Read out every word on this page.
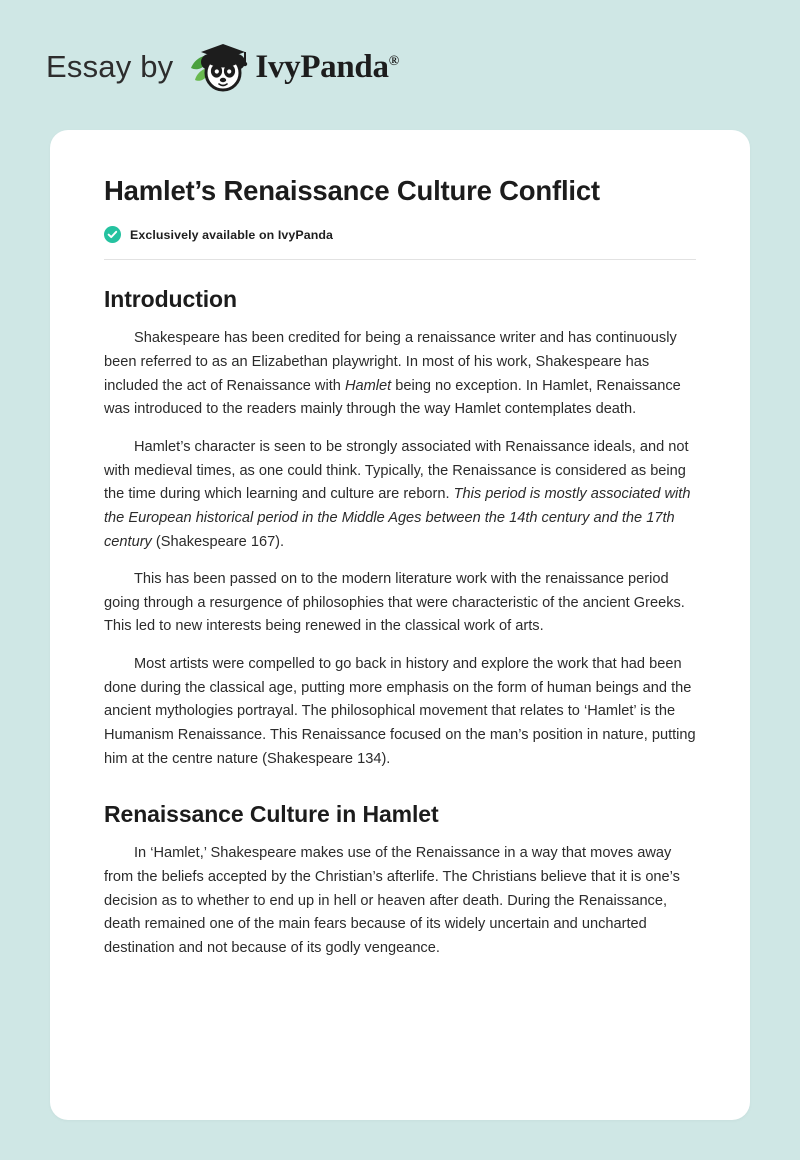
Essay by IvyPanda®
Hamlet’s Renaissance Culture Conflict
Exclusively available on IvyPanda
Introduction

Shakespeare has been credited for being a renaissance writer and has continuously been referred to as an Elizabethan playwright. In most of his work, Shakespeare has included the act of Renaissance with Hamlet being no exception. In Hamlet, Renaissance was introduced to the readers mainly through the way Hamlet contemplates death.

Hamlet’s character is seen to be strongly associated with Renaissance ideals, and not with medieval times, as one could think. Typically, the Renaissance is considered as being the time during which learning and culture are reborn. This period is mostly associated with the European historical period in the Middle Ages between the 14th century and the 17th century (Shakespeare 167).

This has been passed on to the modern literature work with the renaissance period going through a resurgence of philosophies that were characteristic of the ancient Greeks. This led to new interests being renewed in the classical work of arts.

Most artists were compelled to go back in history and explore the work that had been done during the classical age, putting more emphasis on the form of human beings and the ancient mythologies portrayal. The philosophical movement that relates to ‘Hamlet’ is the Humanism Renaissance. This Renaissance focused on the man’s position in nature, putting him at the centre nature (Shakespeare 134).

Renaissance Culture in Hamlet

In ‘Hamlet,’ Shakespeare makes use of the Renaissance in a way that moves away from the beliefs accepted by the Christian’s afterlife. The Christians believe that it is one’s decision as to whether to end up in hell or heaven after death. During the Renaissance, death remained one of the main fears because of its widely uncertain and uncharted destination and not because of its godly vengeance.
